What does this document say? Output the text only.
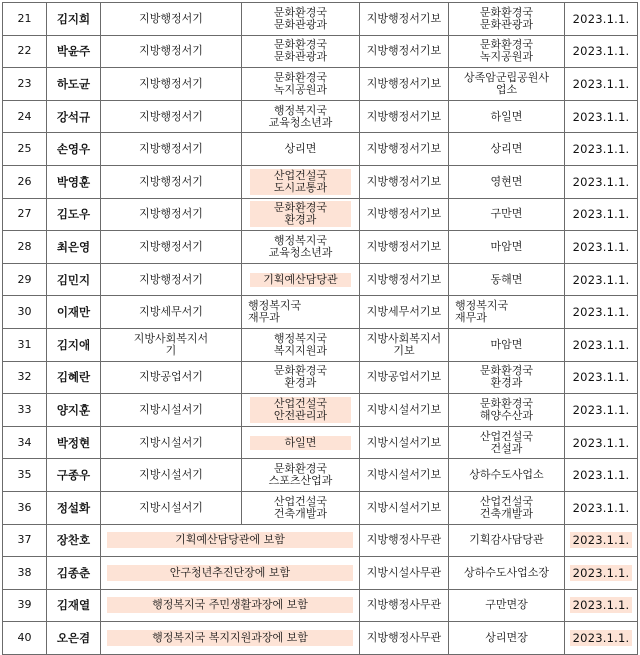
21	김지희	지방행정서기	문화환경국
문화관광과	지방행정서기보	문화환경국
문화관광과	2023.1.1.
22	박윤주	지방행정서기	문화환경국
문화관광과	지방행정서기보	문화환경국
녹지공원과	2023.1.1.
23	하도균	지방행정서기	문화환경국
녹지공원과	지방행정서기보	상족암군립공원사
업소	2023.1.1.
24	강석규	지방행정서기	행정복지국
교육청소년과	지방행정서기보	하일면	2023.1.1.
25	손영우	지방행정서기	상리면	지방행정서기보	상리면	2023.1.1.
26	박영훈	지방행정서기	산업건설국
도시교통과	지방행정서기보	영현면	2023.1.1.
27	김도우	지방행정서기	문화환경국
환경과	지방행정서기보	구만면	2023.1.1.
28	최은영	지방행정서기	행정복지국
교육청소년과	지방행정서기보	마암면	2023.1.1.
29	김민지	지방행정서기	기획예산담당관	지방행정서기보	동해면	2023.1.1.
30	이재만	지방세무서기	행정복지국
재무과	지방세무서기보	행정복지국
재무과	2023.1.1.
31	김지애	지방사회복지서
기	행정복지국
복지지원과	지방사회복지서
기보	마암면	2023.1.1.
32	김혜란	지방공업서기	문화환경국
환경과	지방공업서기보	문화환경국
환경과	2023.1.1.
33	양지훈	지방시설서기	산업건설국
안전관리과	지방시설서기보	문화환경국
해양수산과	2023.1.1.
34	박정현	지방시설서기	하일면	지방시설서기보	산업건설국
건설과	2023.1.1.
35	구종우	지방시설서기	문화환경국
스포츠산업과	지방시설서기보	상하수도사업소	2023.1.1.
36	정설화	지방시설서기	산업건설국
건축개발과	지방시설서기보	산업건설국
건축개발과	2023.1.1.
37	장찬호	기획예산담당관에 보함		지방행정사무관	기획감사담당관	2023.1.1.
38	김종춘	안구청년추진단장에 보함		지방시설사무관	상하수도사업소장	2023.1.1.
39	김재열	행정복지국 주민생활과장에 보함		지방행정사무관	구만면장	2023.1.1.
40	오은겸	행정복지국 복지지원과장에 보함		지방행정사무관	상리면장	2023.1.1.
